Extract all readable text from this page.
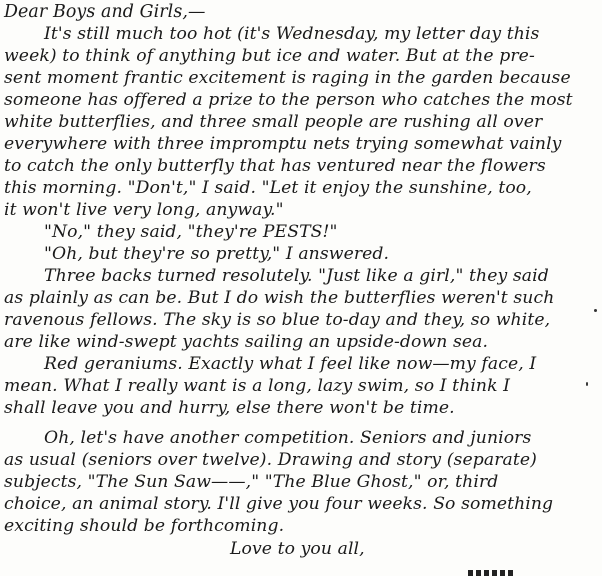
Dear Boys and Girls,—
It's still much too hot (it's Wednesday, my letter day this
week) to think of anything but ice and water. But at the pre-
sent moment frantic excitement is raging in the garden because
someone has offered a prize to the person who catches the most
white butterflies, and three small people are rushing all over
everywhere with three impromptu nets trying somewhat vainly
to catch the only butterfly that has ventured near the flowers
this morning. "Don't," I said. "Let it enjoy the sunshine, too,
it won't live very long, anyway."
"No," they said, "they're PESTS!"
"Oh, but they're so pretty," I answered.
Three backs turned resolutely. "Just like a girl," they said
as plainly as can be. But I do wish the butterflies weren't such
ravenous fellows. The sky is so blue to-day and they, so white,
are like wind-swept yachts sailing an upside-down sea.
Red geraniums. Exactly what I feel like now—my face, I
mean. What I really want is a long, lazy swim, so I think I
shall leave you and hurry, else there won't be time.
Oh, let's have another competition. Seniors and juniors
as usual (seniors over twelve). Drawing and story (separate)
subjects, "The Sun Saw——," "The Blue Ghost," or, third
choice, an animal story. I'll give you four weeks. So something
exciting should be forthcoming.
Love to you all,
